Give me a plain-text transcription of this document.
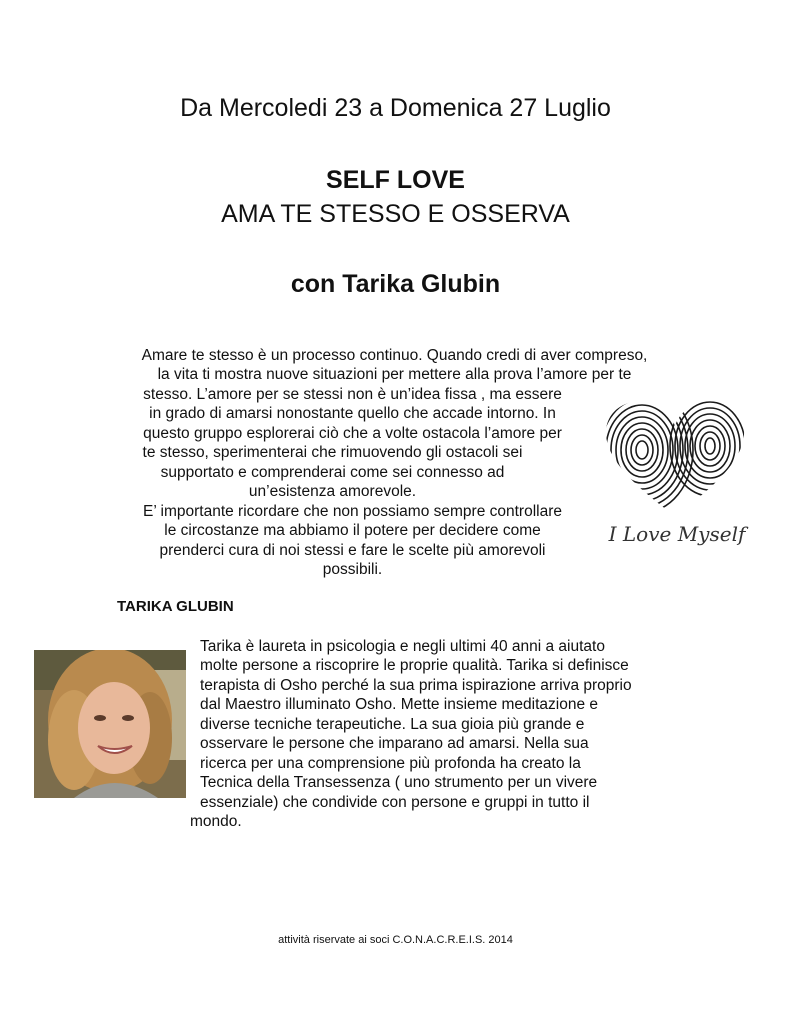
Da Mercoledi 23 a Domenica 27 Luglio
SELF LOVE
AMA TE STESSO E OSSERVA
con Tarika Glubin
Amare te stesso è un processo continuo. Quando credi di aver compreso,
la vita ti mostra nuove situazioni per mettere alla prova l’amore per te
stesso. L’amore per se stessi non è un’idea fissa , ma essere
in grado di amarsi nonostante quello che accade intorno. In
questo gruppo esplorerai ciò che a volte ostacola l’amore per
te stesso, sperimenterai che rimuovendo gli ostacoli sei
supportato e comprenderai come sei connesso ad
un’esistenza amorevole.
E’ importante ricordare che non possiamo sempre controllare
le circostanze ma abbiamo il potere per decidere come
prenderci cura di noi stessi e fare le scelte più amorevoli
possibili.
I Love Myself
TARIKA GLUBIN
Tarika è laureta in psicologia e negli ultimi 40 anni a aiutato
molte persone a riscoprire le proprie qualità. Tarika si definisce
terapista di Osho perché la sua prima ispirazione arriva proprio
dal Maestro illuminato Osho. Mette insieme meditazione e
diverse tecniche terapeutiche. La sua gioia più grande e
osservare le persone che imparano ad amarsi. Nella sua
ricerca per una comprensione più profonda ha creato la
Tecnica della Transessenza ( uno strumento per un vivere
essenziale) che condivide con persone e gruppi in tutto il
mondo.
attività riservate ai soci C.O.N.A.C.R.E.I.S. 2014
